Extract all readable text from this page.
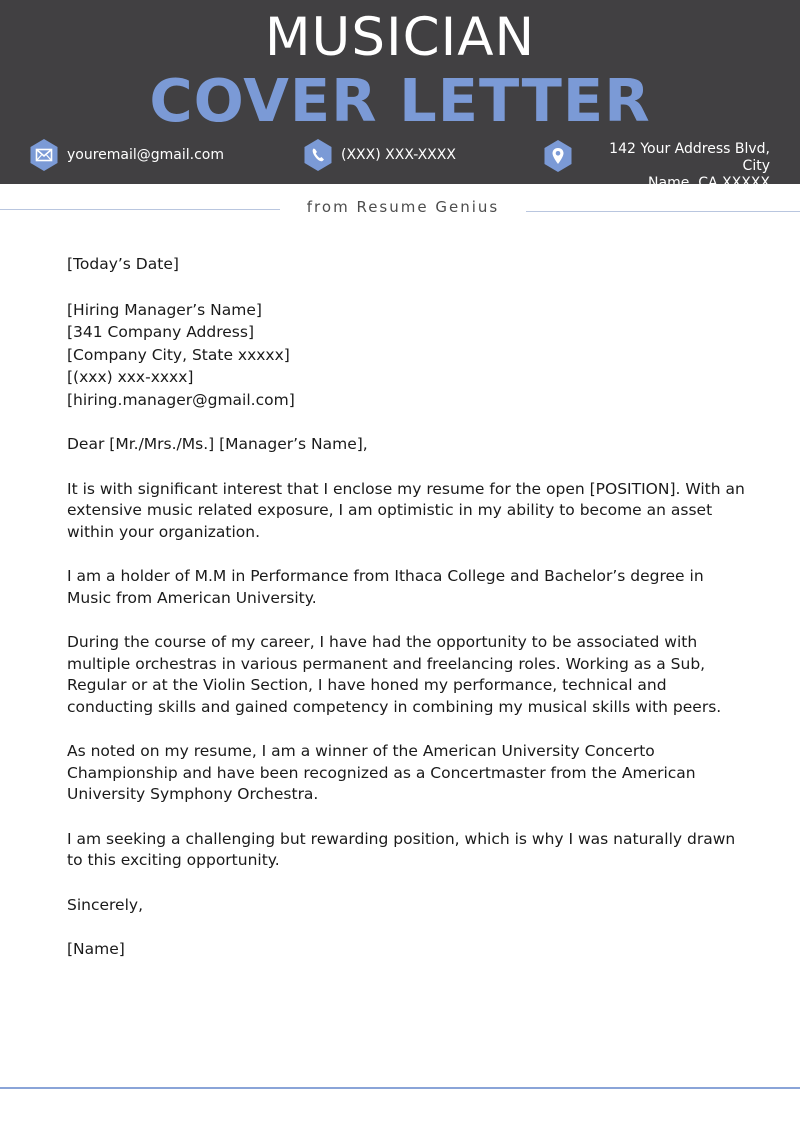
MUSICIAN
COVER LETTER
youremail@gmail.com	(XXX) XXX-XXXX	142 Your Address Blvd, City
Name, CA XXXXX
from Resume Genius

[Today’s Date]

[Hiring Manager’s Name]
[341 Company Address]
[Company City, State xxxxx]
[(xxx) xxx-xxxx]
[hiring.manager@gmail.com]

Dear [Mr./Mrs./Ms.] [Manager’s Name],

It is with significant interest that I enclose my resume for the open [POSITION]. With an extensive music related exposure, I am optimistic in my ability to become an asset within your organization.

I am a holder of M.M in Performance from Ithaca College and Bachelor’s degree in Music from American University.

During the course of my career, I have had the opportunity to be associated with multiple orchestras in various permanent and freelancing roles. Working as a Sub, Regular or at the Violin Section, I have honed my performance, technical and conducting skills and gained competency in combining my musical skills with peers.

As noted on my resume, I am a winner of the American University Concerto Championship and have been recognized as a Concertmaster from the American University Symphony Orchestra.

I am seeking a challenging but rewarding position, which is why I was naturally drawn to this exciting opportunity.

Sincerely,

[Name]
